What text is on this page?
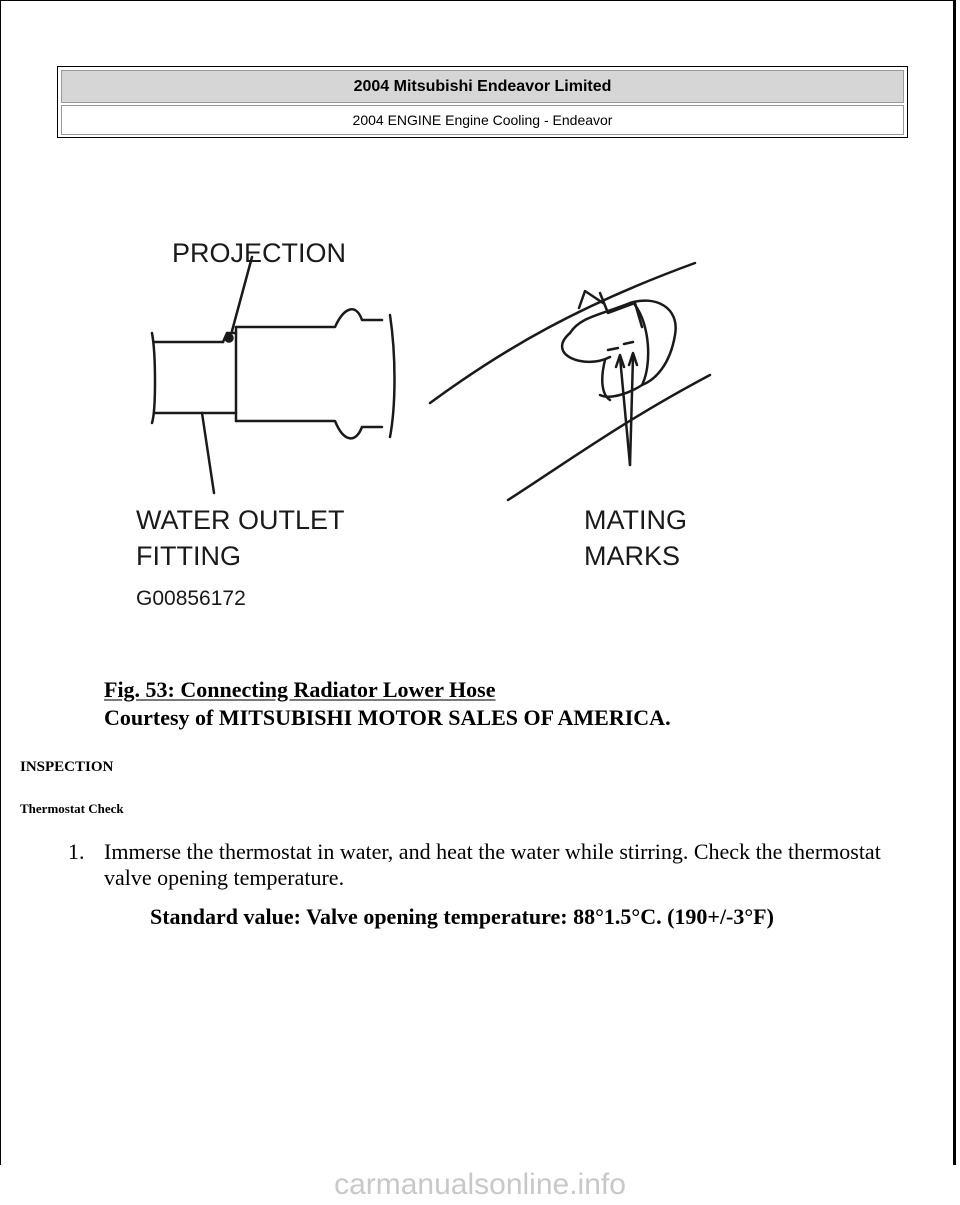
2004 Mitsubishi Endeavor Limited
2004 ENGINE Engine Cooling - Endeavor
PROJECTION
WATER OUTLET
FITTING
MATING
MARKS
G00856172
Fig. 53: Connecting Radiator Lower Hose
Courtesy of MITSUBISHI MOTOR SALES OF AMERICA.
INSPECTION
Thermostat Check
1. Immerse the thermostat in water, and heat the water while stirring. Check the thermostat valve opening temperature.
Standard value: Valve opening temperature: 88°1.5°C. (190+/-3°F)
carmanualsonline.info
